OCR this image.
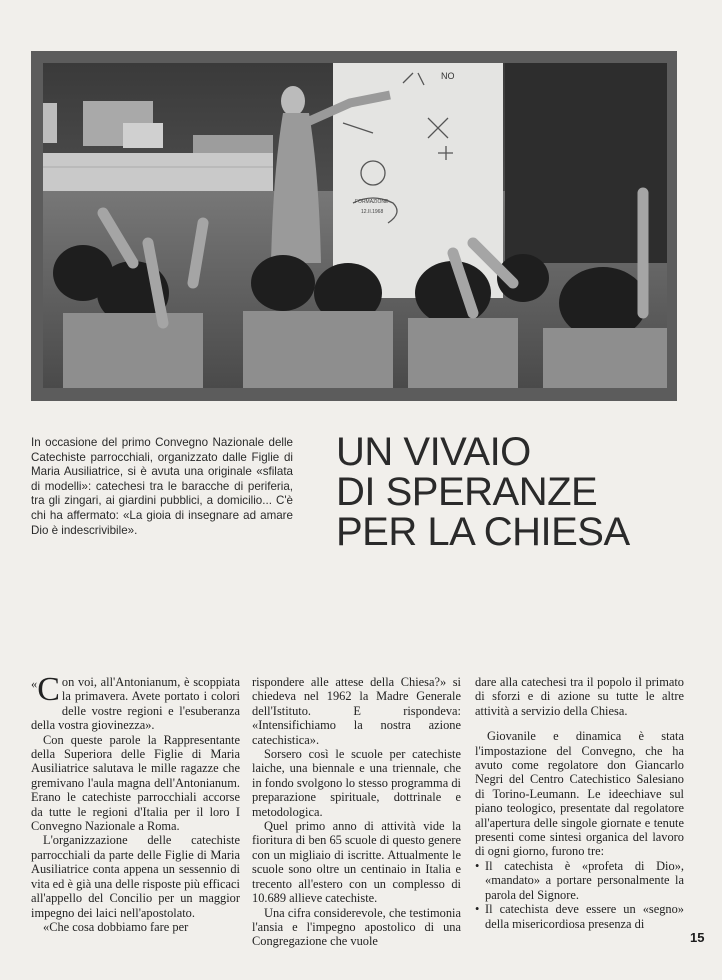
NO
FORMAZIONE
12.II.1968
In occasione del primo Convegno Nazionale delle Catechiste parrocchiali, organizzato dalle Figlie di Maria Ausiliatrice, si è avuta una originale «sfilata di modelli»: catechesi tra le baracche di periferia, tra gli zingari, ai giardini pubblici, a domicilio... C'è chi ha affermato: «La gioia di insegnare ad amare Dio è indescrivibile».
UN VIVAIO
DI SPERANZE
PER LA CHIESA

« C on voi, all'Antonianum, è scoppiata la primavera. Avete portato i colori delle vostre regioni e l'esuberanza della vostra giovinezza».

Con queste parole la Rappresentante della Superiora delle Figlie di Maria Ausiliatrice salutava le mille ragazze che gremivano l'aula magna dell'Antonianum. Erano le catechiste parrocchiali accorse da tutte le regioni d'Italia per il loro I Convegno Nazionale a Roma.

L'organizzazione delle catechiste parrocchiali da parte delle Figlie di Maria Ausiliatrice conta appena un sessennio di vita ed è già una delle risposte più efficaci all'appello del Concilio per un maggior impegno dei laici nell'apostolato.

«Che cosa dobbiamo fare per

rispondere alle attese della Chiesa?» si chiedeva nel 1962 la Madre Generale dell'Istituto. E rispondeva: «Intensifichiamo la nostra azione catechistica».

Sorsero così le scuole per catechiste laiche, una biennale e una triennale, che in fondo svolgono lo stesso programma di preparazione spirituale, dottrinale e metodologica.

Quel primo anno di attività vide la fioritura di ben 65 scuole di questo genere con un migliaio di iscritte. Attualmente le scuole sono oltre un centinaio in Italia e trecento all'estero con un complesso di 10.689 allieve catechiste.

Una cifra considerevole, che testimonia l'ansia e l'impegno apostolico di una Congregazione che vuole

dare alla catechesi tra il popolo il primato di sforzi e di azione su tutte le altre attività a servizio della Chiesa.

Giovanile e dinamica è stata l'impostazione del Convegno, che ha avuto come regolatore don Giancarlo Negri del Centro Catechistico Salesiano di Torino-Leumann. Le ideechiave sul piano teologico, presentate dal regolatore all'apertura delle singole giornate e tenute presenti come sintesi organica del lavoro di ogni giorno, furono tre:

• Il catechista è «profeta di Dio», «mandato» a portare personalmente la parola del Signore.

• Il catechista deve essere un «segno» della misericordiosa presenza di

15
